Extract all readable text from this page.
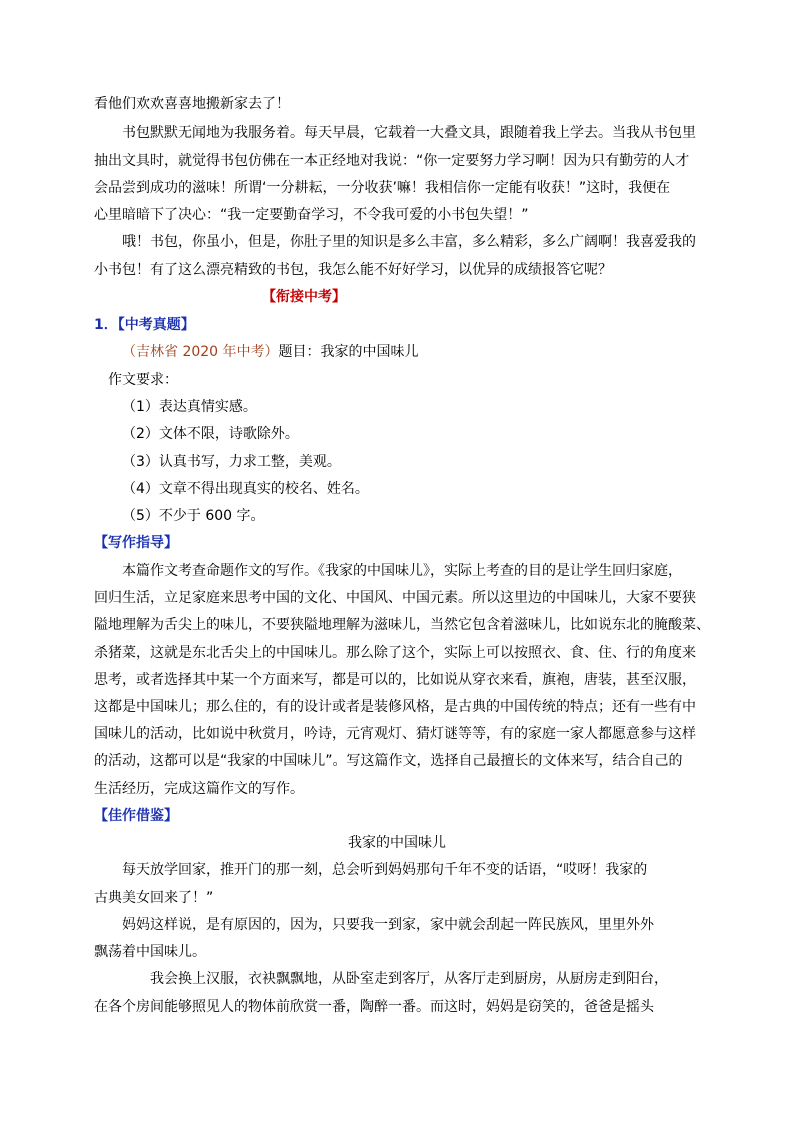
看他们欢欢喜喜地搬新家去了！
书包默默无闻地为我服务着。每天早晨，它载着一大叠文具，跟随着我上学去。当我从书包里
抽出文具时，就觉得书包仿佛在一本正经地对我说：“你一定要努力学习啊！因为只有勤劳的人才
会品尝到成功的滋味！所谓‘一分耕耘，一分收获’嘛！我相信你一定能有收获！”这时，我便在
心里暗暗下了决心：“我一定要勤奋学习，不令我可爱的小书包失望！”
哦！书包，你虽小，但是，你肚子里的知识是多么丰富，多么精彩，多么广阔啊！我喜爱我的
小书包！有了这么漂亮精致的书包，我怎么能不好好学习，以优异的成绩报答它呢？
【衔接中考】
1．【中考真题】
（吉林省 2020 年中考）题目：我家的中国味儿
作文要求：
（1）表达真情实感。
（2）文体不限，诗歌除外。
（3）认真书写，力求工整，美观。
（4）文章不得出现真实的校名、姓名。
（5）不少于 600 字。
【写作指导】
本篇作文考查命题作文的写作。《我家的中国味儿》，实际上考查的目的是让学生回归家庭，
回归生活，立足家庭来思考中国的文化、中国风、中国元素。所以这里边的中国味儿，大家不要狭
隘地理解为舌尖上的味儿，不要狭隘地理解为滋味儿，当然它包含着滋味儿，比如说东北的腌酸菜、
杀猪菜，这就是东北舌尖上的中国味儿。那么除了这个，实际上可以按照衣、食、住、行的角度来
思考，或者选择其中某一个方面来写，都是可以的，比如说从穿衣来看，旗袍，唐装，甚至汉服，
这都是中国味儿；那么住的，有的设计或者是装修风格，是古典的中国传统的特点；还有一些有中
国味儿的活动，比如说中秋赏月，吟诗，元宵观灯、猜灯谜等等，有的家庭一家人都愿意参与这样
的活动，这都可以是“我家的中国味儿”。写这篇作文，选择自己最擅长的文体来写，结合自己的
生活经历，完成这篇作文的写作。
【佳作借鉴】
我家的中国味儿
每天放学回家，推开门的那一刻，总会听到妈妈那句千年不变的话语，“哎呀！我家的
古典美女回来了！”
妈妈这样说，是有原因的，因为，只要我一到家，家中就会刮起一阵民族风，里里外外
飘荡着中国味儿。
我会换上汉服，衣袂飘飘地，从卧室走到客厅，从客厅走到厨房，从厨房走到阳台，
在各个房间能够照见人的物体前欣赏一番，陶醉一番。而这时，妈妈是窃笑的，爸爸是摇头
